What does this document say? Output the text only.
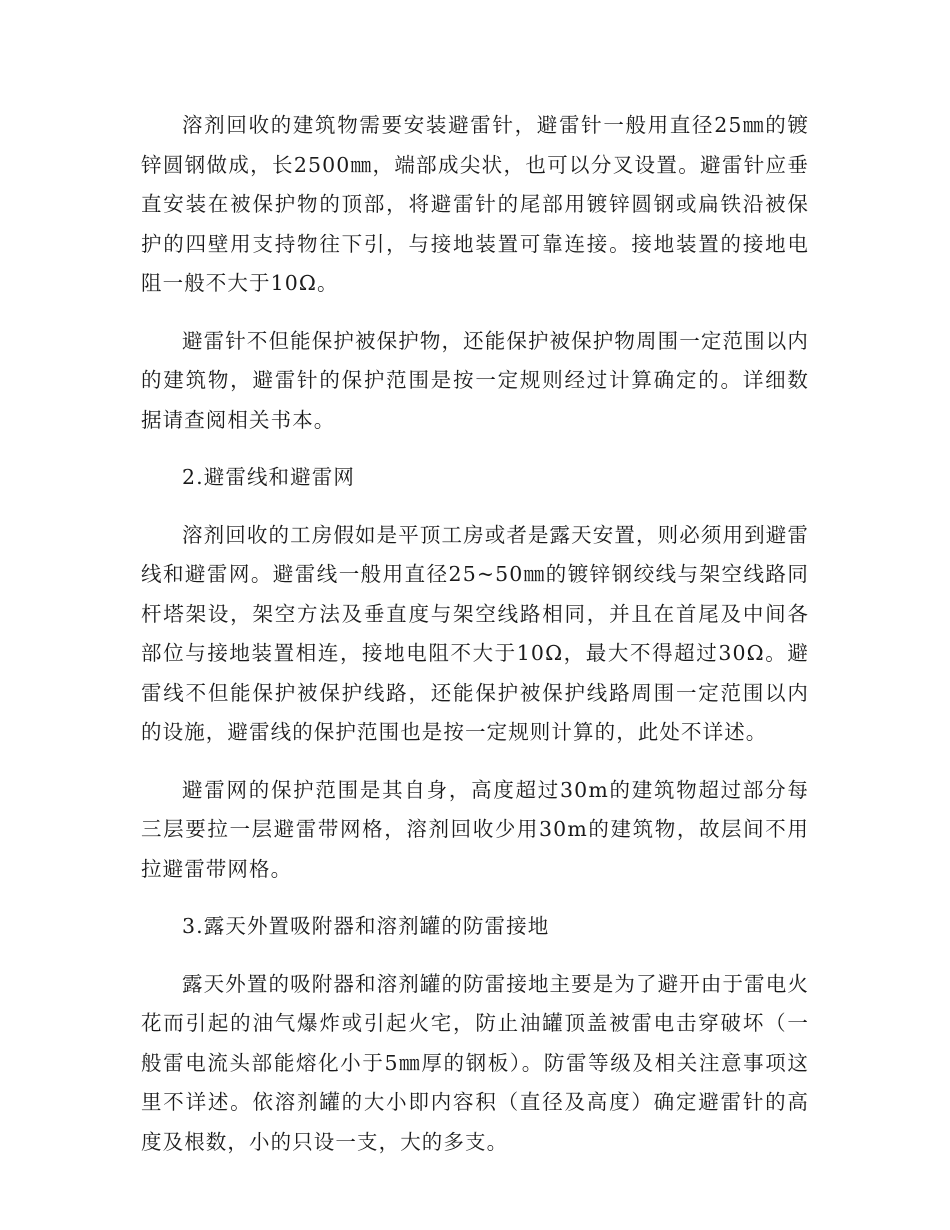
溶剂回收的建筑物需要安装避雷针，避雷针一般用直径25㎜的镀锌圆钢做成，长2500㎜，端部成尖状，也可以分叉设置。避雷针应垂直安装在被保护物的顶部，将避雷针的尾部用镀锌圆钢或扁铁沿被保护的四壁用支持物往下引，与接地装置可靠连接。接地装置的接地电阻一般不大于10Ω。

避雷针不但能保护被保护物，还能保护被保护物周围一定范围以内的建筑物，避雷针的保护范围是按一定规则经过计算确定的。详细数据请查阅相关书本。

2.避雷线和避雷网

溶剂回收的工房假如是平顶工房或者是露天安置，则必须用到避雷线和避雷网。避雷线一般用直径25~50㎜的镀锌钢绞线与架空线路同杆塔架设，架空方法及垂直度与架空线路相同，并且在首尾及中间各部位与接地装置相连，接地电阻不大于10Ω，最大不得超过30Ω。避雷线不但能保护被保护线路，还能保护被保护线路周围一定范围以内的设施，避雷线的保护范围也是按一定规则计算的，此处不详述。

避雷网的保护范围是其自身，高度超过30m的建筑物超过部分每三层要拉一层避雷带网格，溶剂回收少用30m的建筑物，故层间不用拉避雷带网格。

3.露天外置吸附器和溶剂罐的防雷接地

露天外置的吸附器和溶剂罐的防雷接地主要是为了避开由于雷电火花而引起的油气爆炸或引起火宅，防止油罐顶盖被雷电击穿破坏（一般雷电流头部能熔化小于5㎜厚的钢板）。防雷等级及相关注意事项这里不详述。依溶剂罐的大小即内容积（直径及高度）确定避雷针的高度及根数，小的只设一支，大的多支。
